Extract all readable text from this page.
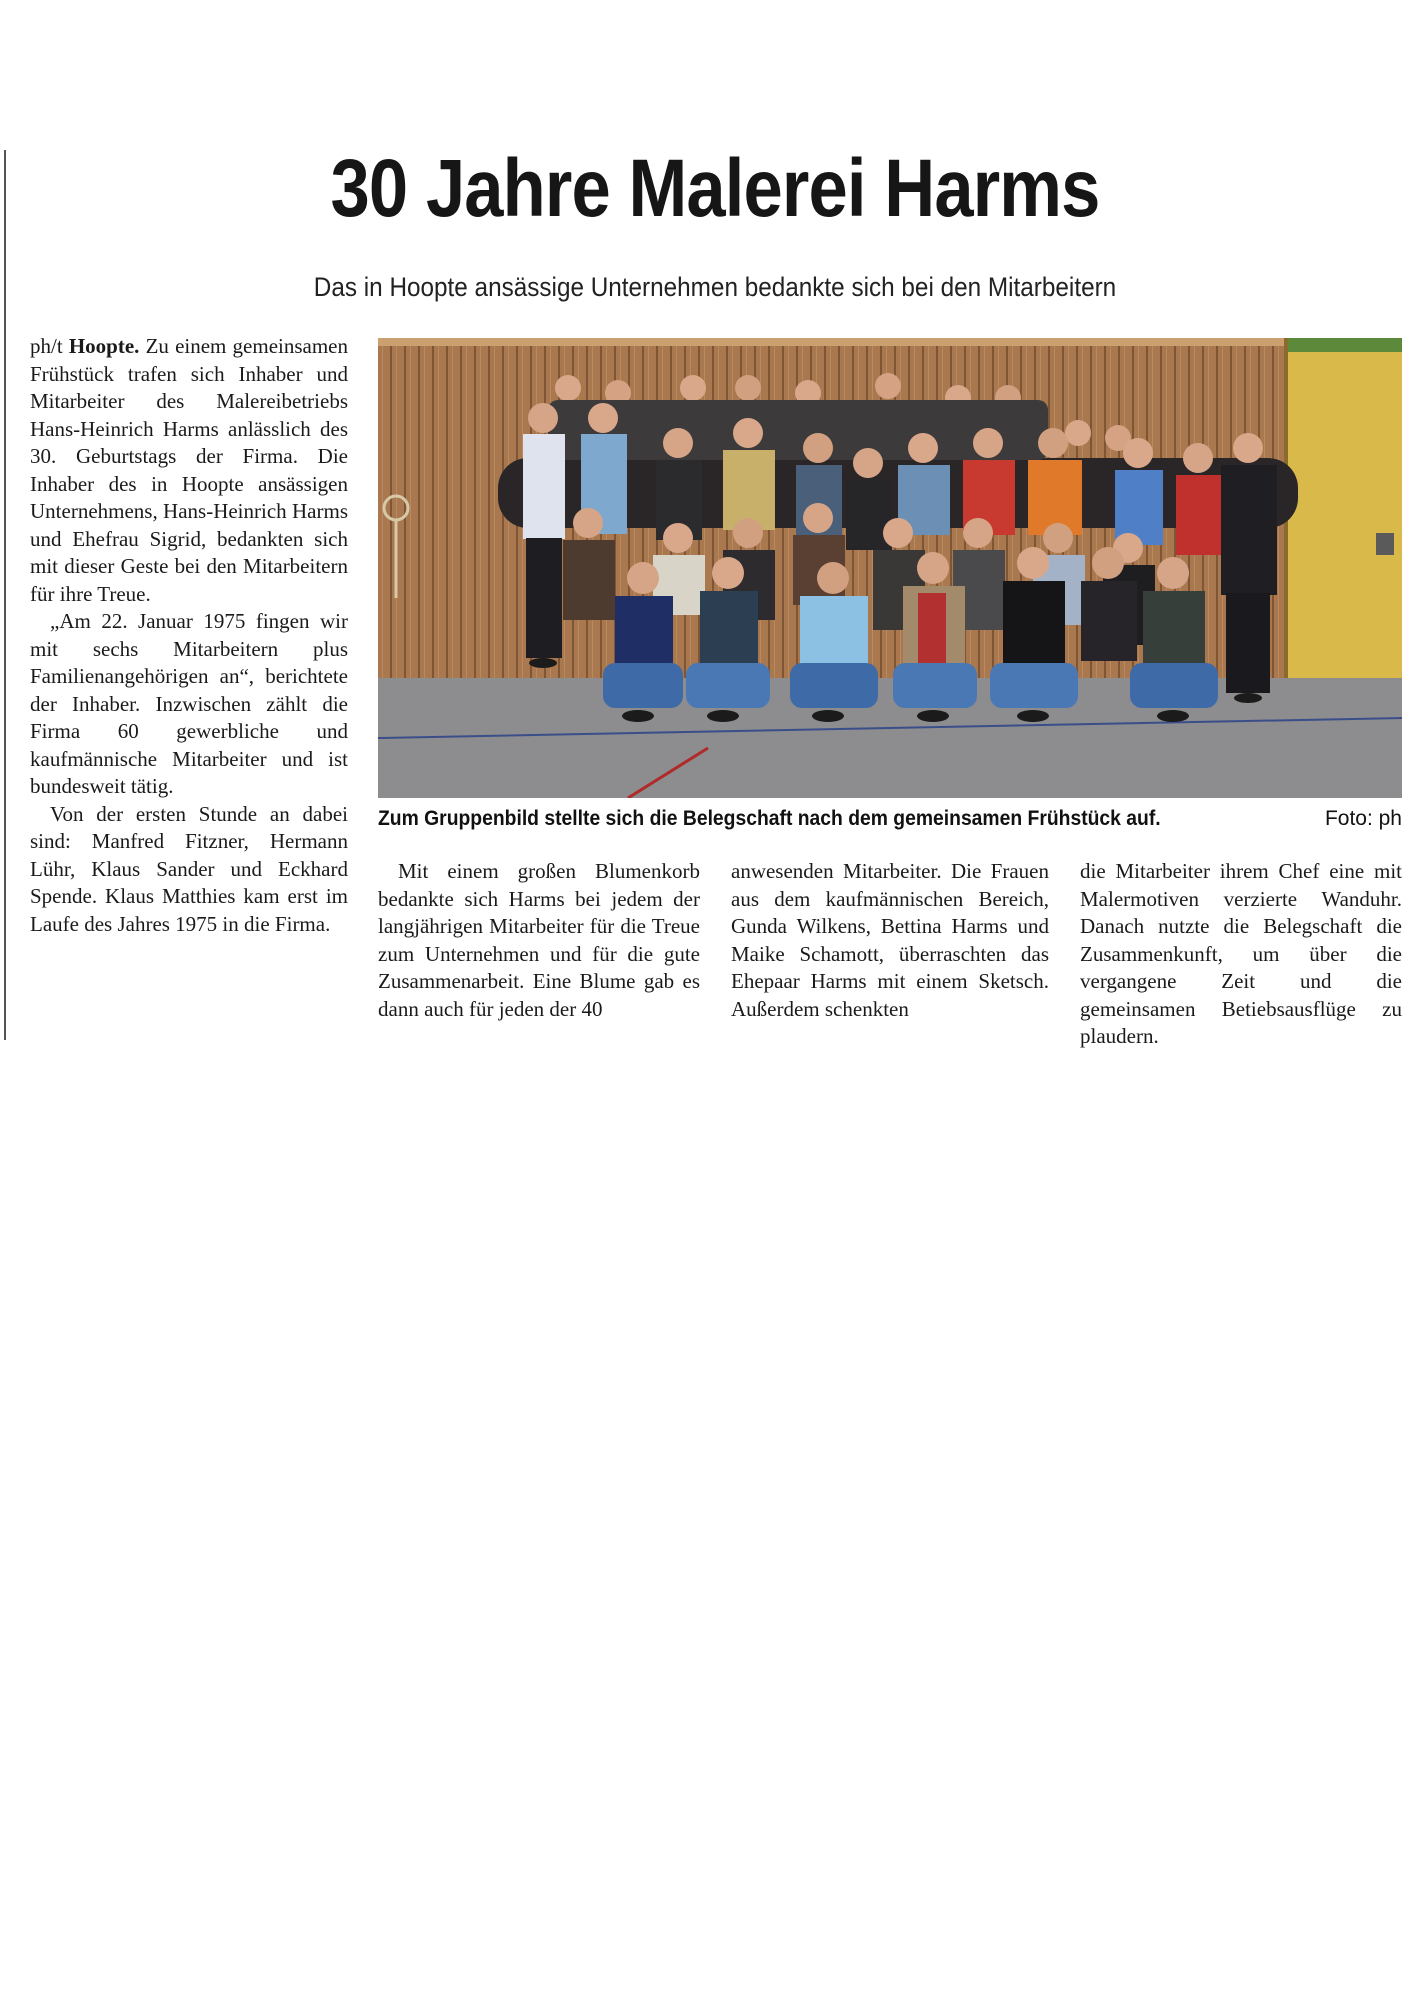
30 Jahre Malerei Harms
Das in Hoopte ansässige Unternehmen bedankte sich bei den Mitarbeitern

ph/t Hoopte. Zu einem gemeinsamen Frühstück trafen sich Inhaber und Mitarbeiter des Malereibetriebs Hans-Heinrich Harms anlässlich des 30. Geburtstags der Firma. Die Inhaber des in Hoopte ansässigen Unternehmens, Hans-Heinrich Harms und Ehefrau Sigrid, bedankten sich mit dieser Geste bei den Mitarbeitern für ihre Treue.

„Am 22. Januar 1975 fingen wir mit sechs Mitarbeitern plus Familienangehörigen an“, berichtete der Inhaber. Inzwischen zählt die Firma 60 gewerbliche und kaufmännische Mitarbeiter und ist bundesweit tätig.

Von der ersten Stunde an dabei sind: Manfred Fitzner, Hermann Lühr, Klaus Sander und Eckhard Spende. Klaus Matthies kam erst im Laufe des Jahres 1975 in die Firma.

Zum Gruppenbild stellte sich die Belegschaft nach dem gemeinsamen Frühstück auf.	Foto: ph

Mit einem großen Blumenkorb bedankte sich Harms bei jedem der langjährigen Mitarbeiter für die Treue zum Unternehmen und für die gute Zusammenarbeit. Eine Blume gab es dann auch für jeden der 40

anwesenden Mitarbeiter. Die Frauen aus dem kaufmännischen Bereich, Gunda Wilkens, Bettina Harms und Maike Schamott, überraschten das Ehepaar Harms mit einem Sketsch. Außerdem schenkten

die Mitarbeiter ihrem Chef eine mit Malermotiven verzierte Wanduhr. Danach nutzte die Belegschaft die Zusammenkunft, um über die vergangene Zeit und die gemeinsamen Betiebsausflüge zu plaudern.
